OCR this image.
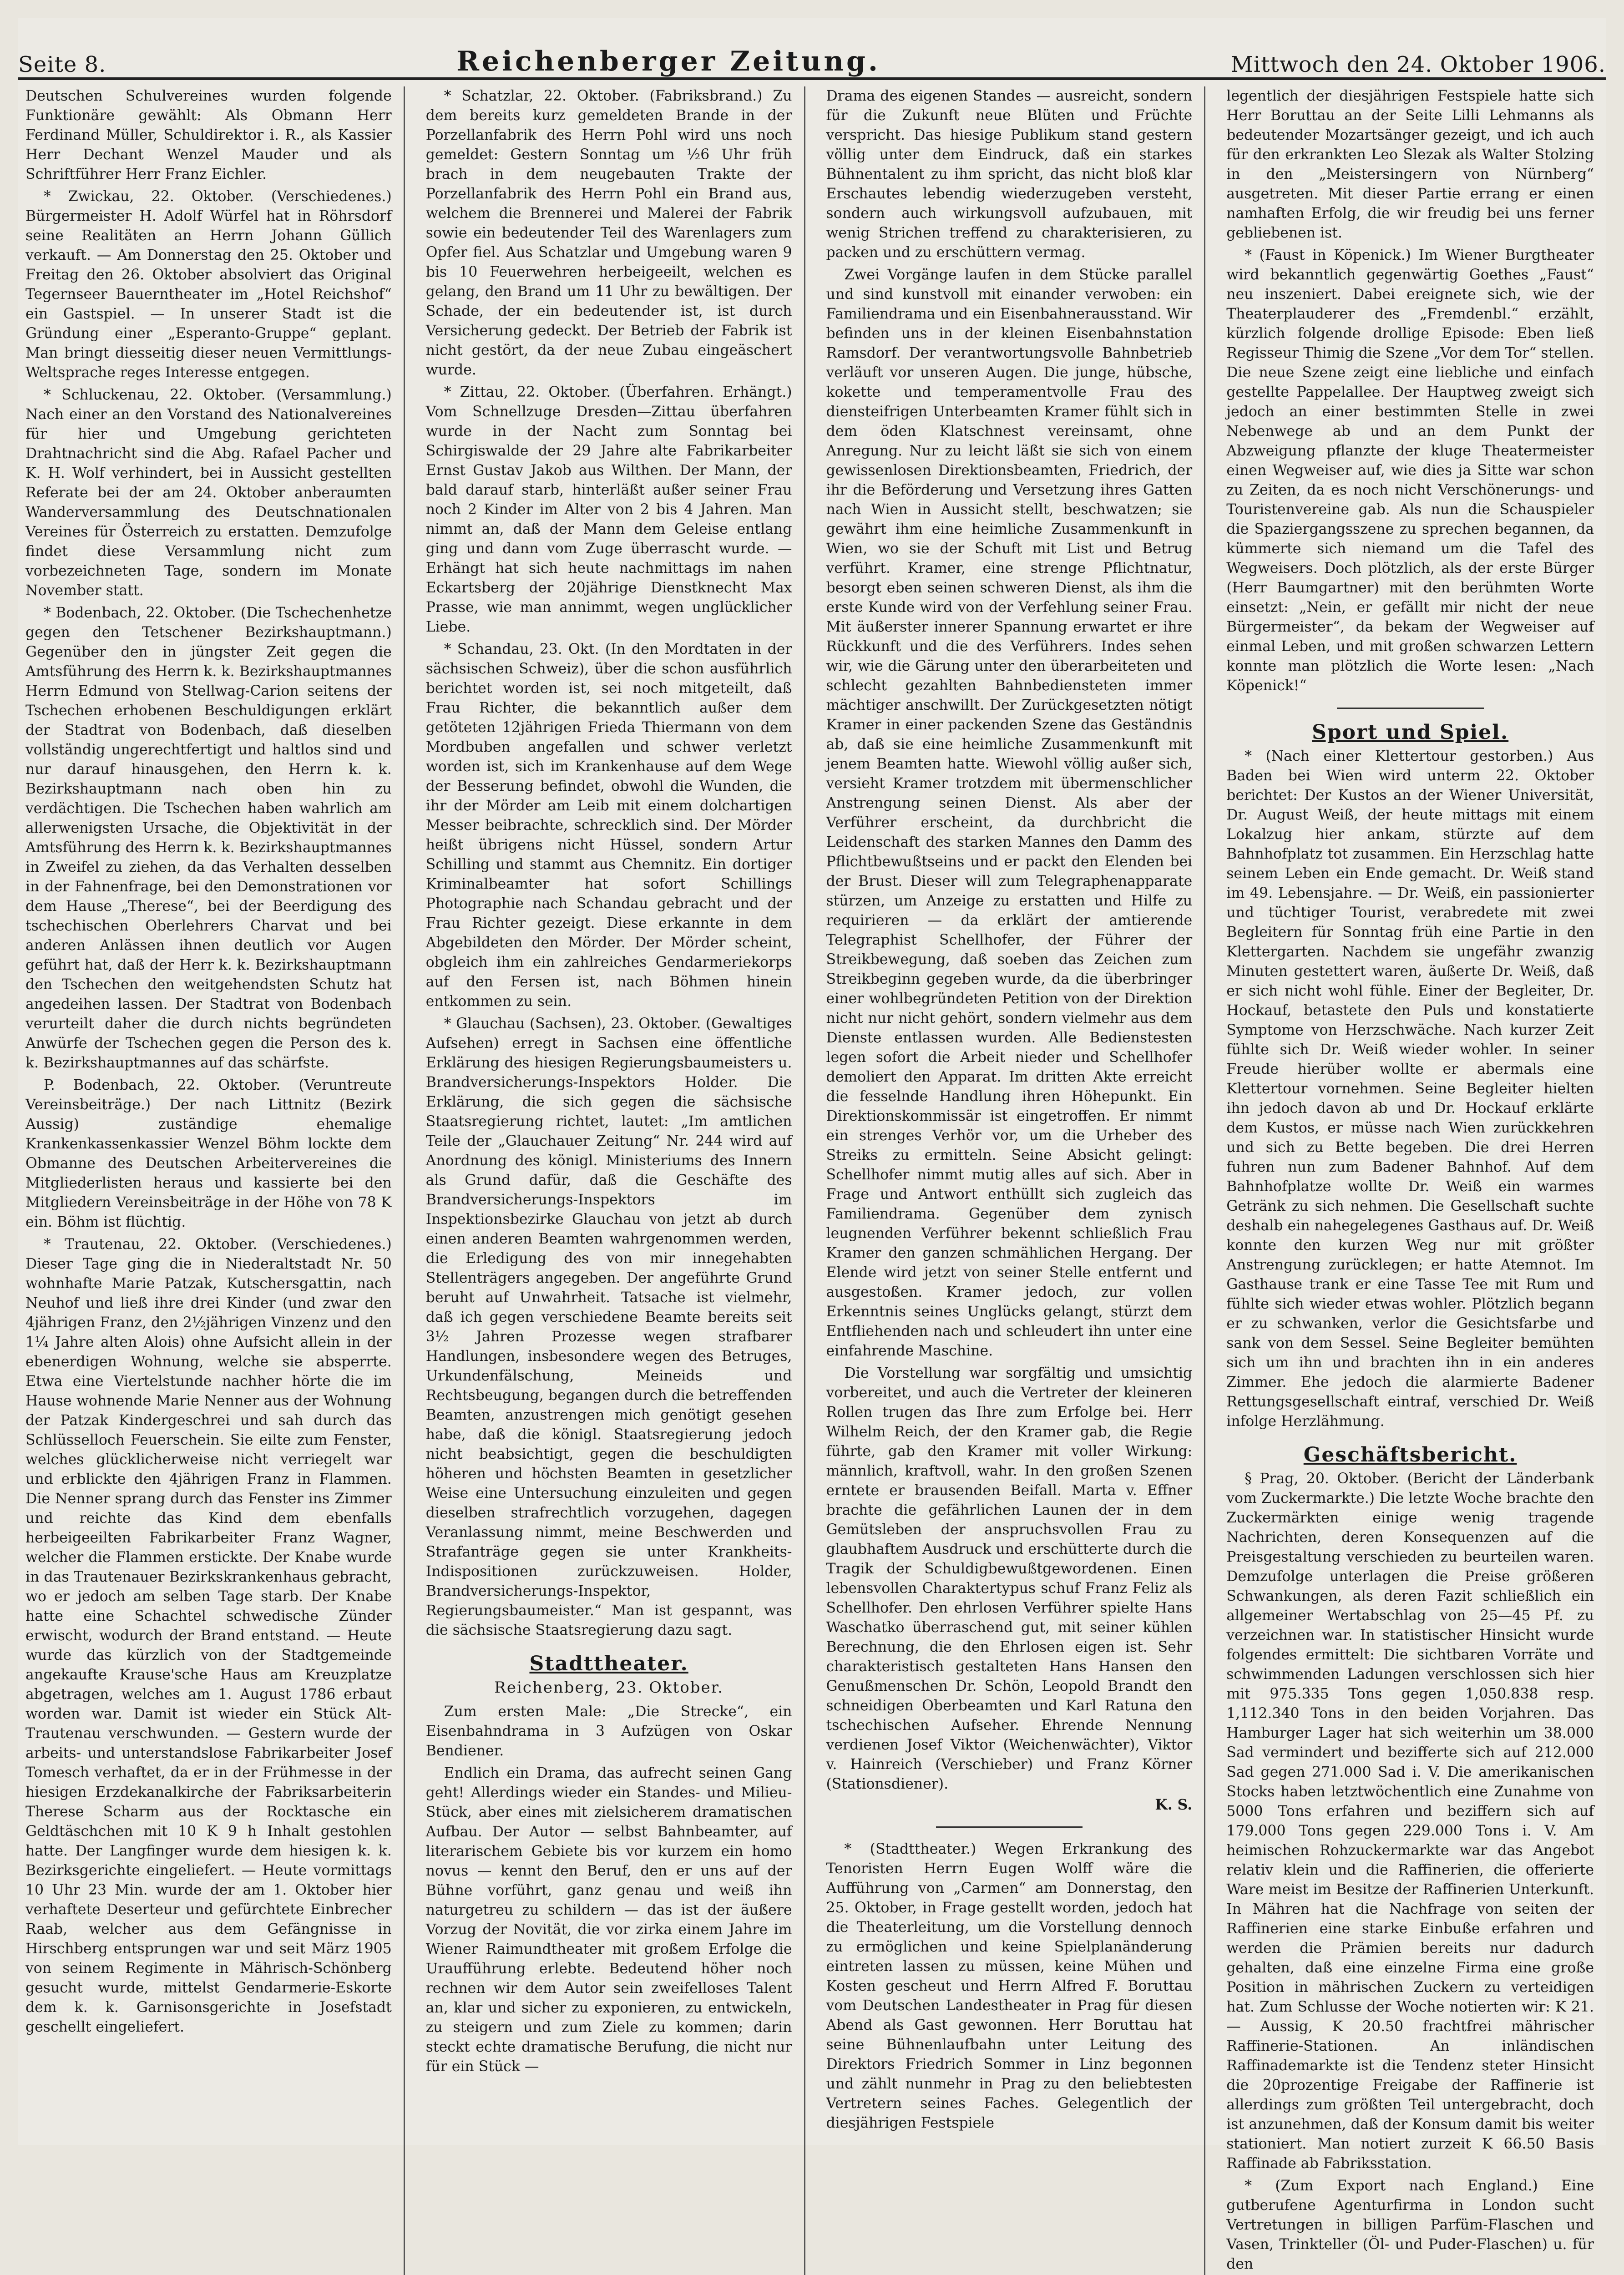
Seite 8.	Reichenberger Zeitung.	Mittwoch den 24. Oktober 1906.

Deutschen Schulvereines wurden folgende Funktionäre gewählt: Als Obmann Herr Ferdinand Müller, Schuldirektor i. R., als Kassier Herr Dechant Wenzel Mauder und als Schriftführer Herr Franz Eichler.

* Zwickau, 22. Oktober. (Verschiedenes.) Bürgermeister H. Adolf Würfel hat in Röhrsdorf seine Realitäten an Herrn Johann Güllich verkauft. — Am Donnerstag den 25. Oktober und Freitag den 26. Oktober absolviert das Original Tegernseer Bauerntheater im „Hotel Reichshof“ ein Gastspiel. — In unserer Stadt ist die Gründung einer „Esperanto-Gruppe“ geplant. Man bringt diesseitig dieser neuen Vermittlungs-Weltsprache reges Interesse entgegen.

* Schluckenau, 22. Oktober. (Versammlung.) Nach einer an den Vorstand des Nationalvereines für hier und Umgebung gerichteten Drahtnachricht sind die Abg. Rafael Pacher und K. H. Wolf verhindert, bei in Aussicht gestellten Referate bei der am 24. Oktober anberaumten Wanderversammlung des Deutschnationalen Vereines für Österreich zu erstatten. Demzufolge findet diese Versammlung nicht zum vorbezeichneten Tage, sondern im Monate November statt.

* Bodenbach, 22. Oktober. (Die Tschechenhetze gegen den Tetschener Bezirkshauptmann.) Gegenüber den in jüngster Zeit gegen die Amtsführung des Herrn k. k. Bezirkshauptmannes Herrn Edmund von Stellwag-Carion seitens der Tschechen erhobenen Beschuldigungen erklärt der Stadtrat von Bodenbach, daß dieselben vollständig ungerechtfertigt und haltlos sind und nur darauf hinausgehen, den Herrn k. k. Bezirkshauptmann nach oben hin zu verdächtigen. Die Tschechen haben wahrlich am allerwenigsten Ursache, die Objektivität in der Amtsführung des Herrn k. k. Bezirkshauptmannes in Zweifel zu ziehen, da das Verhalten desselben in der Fahnenfrage, bei den Demonstrationen vor dem Hause „Therese“, bei der Beerdigung des tschechischen Oberlehrers Charvat und bei anderen Anlässen ihnen deutlich vor Augen geführt hat, daß der Herr k. k. Bezirkshauptmann den Tschechen den weitgehendsten Schutz hat angedeihen lassen. Der Stadtrat von Bodenbach verurteilt daher die durch nichts begründeten Anwürfe der Tschechen gegen die Person des k. k. Bezirkshauptmannes auf das schärfste.

P. Bodenbach, 22. Oktober. (Veruntreute Vereinsbeiträge.) Der nach Littnitz (Bezirk Aussig) zuständige ehemalige Krankenkassenkassier Wenzel Böhm lockte dem Obmanne des Deutschen Arbeitervereines die Mitgliederlisten heraus und kassierte bei den Mitgliedern Vereinsbeiträge in der Höhe von 78 K ein. Böhm ist flüchtig.

* Trautenau, 22. Oktober. (Verschiedenes.) Dieser Tage ging die in Niederaltstadt Nr. 50 wohnhafte Marie Patzak, Kutschersgattin, nach Neuhof und ließ ihre drei Kinder (und zwar den 4jährigen Franz, den 2½jährigen Vinzenz und den 1¼ Jahre alten Alois) ohne Aufsicht allein in der ebenerdigen Wohnung, welche sie absperrte. Etwa eine Viertelstunde nachher hörte die im Hause wohnende Marie Nenner aus der Wohnung der Patzak Kindergeschrei und sah durch das Schlüsselloch Feuerschein. Sie eilte zum Fenster, welches glücklicherweise nicht verriegelt war und erblickte den 4jährigen Franz in Flammen. Die Nenner sprang durch das Fenster ins Zimmer und reichte das Kind dem ebenfalls herbeigeeilten Fabrikarbeiter Franz Wagner, welcher die Flammen erstickte. Der Knabe wurde in das Trautenauer Bezirkskrankenhaus gebracht, wo er jedoch am selben Tage starb. Der Knabe hatte eine Schachtel schwedische Zünder erwischt, wodurch der Brand entstand. — Heute wurde das kürzlich von der Stadtgemeinde angekaufte Krause'sche Haus am Kreuzplatze abgetragen, welches am 1. August 1786 erbaut worden war. Damit ist wieder ein Stück Alt-Trautenau verschwunden. — Gestern wurde der arbeits- und unterstandslose Fabrikarbeiter Josef Tomesch verhaftet, da er in der Frühmesse in der hiesigen Erzdekanalkirche der Fabriksarbeiterin Therese Scharm aus der Rocktasche ein Geldtäschchen mit 10 K 9 h Inhalt gestohlen hatte. Der Langfinger wurde dem hiesigen k. k. Bezirksgerichte eingeliefert. — Heute vormittags 10 Uhr 23 Min. wurde der am 1. Oktober hier verhaftete Deserteur und gefürchtete Einbrecher Raab, welcher aus dem Gefängnisse in Hirschberg entsprungen war und seit März 1905 von seinem Regimente in Mährisch-Schönberg gesucht wurde, mittelst Gendarmerie-Eskorte dem k. k. Garnisonsgerichte in Josefstadt geschellt eingeliefert.

* Schatzlar, 22. Oktober. (Fabriksbrand.) Zu dem bereits kurz gemeldeten Brande in der Porzellanfabrik des Herrn Pohl wird uns noch gemeldet: Gestern Sonntag um ½6 Uhr früh brach in dem neugebauten Trakte der Porzellanfabrik des Herrn Pohl ein Brand aus, welchem die Brennerei und Malerei der Fabrik sowie ein bedeutender Teil des Warenlagers zum Opfer fiel. Aus Schatzlar und Umgebung waren 9 bis 10 Feuerwehren herbeigeeilt, welchen es gelang, den Brand um 11 Uhr zu bewältigen. Der Schade, der ein bedeutender ist, ist durch Versicherung gedeckt. Der Betrieb der Fabrik ist nicht gestört, da der neue Zubau eingeäschert wurde.

* Zittau, 22. Oktober. (Überfahren. Erhängt.) Vom Schnellzuge Dresden—Zittau überfahren wurde in der Nacht zum Sonntag bei Schirgiswalde der 29 Jahre alte Fabrikarbeiter Ernst Gustav Jakob aus Wilthen. Der Mann, der bald darauf starb, hinterläßt außer seiner Frau noch 2 Kinder im Alter von 2 bis 4 Jahren. Man nimmt an, daß der Mann dem Geleise entlang ging und dann vom Zuge überrascht wurde. — Erhängt hat sich heute nachmittags im nahen Eckartsberg der 20jährige Dienstknecht Max Prasse, wie man annimmt, wegen unglücklicher Liebe.

* Schandau, 23. Okt. (In den Mordtaten in der sächsischen Schweiz), über die schon ausführlich berichtet worden ist, sei noch mitgeteilt, daß Frau Richter, die bekanntlich außer dem getöteten 12jährigen Frieda Thiermann von dem Mordbuben angefallen und schwer verletzt worden ist, sich im Krankenhause auf dem Wege der Besserung befindet, obwohl die Wunden, die ihr der Mörder am Leib mit einem dolchartigen Messer beibrachte, schrecklich sind. Der Mörder heißt übrigens nicht Hüssel, sondern Artur Schilling und stammt aus Chemnitz. Ein dortiger Kriminalbeamter hat sofort Schillings Photographie nach Schandau gebracht und der Frau Richter gezeigt. Diese erkannte in dem Abgebildeten den Mörder. Der Mörder scheint, obgleich ihm ein zahlreiches Gendarmeriekorps auf den Fersen ist, nach Böhmen hinein entkommen zu sein.

* Glauchau (Sachsen), 23. Oktober. (Gewaltiges Aufsehen) erregt in Sachsen eine öffentliche Erklärung des hiesigen Regierungsbaumeisters u. Brandversicherungs-Inspektors Holder. Die Erklärung, die sich gegen die sächsische Staatsregierung richtet, lautet: „Im amtlichen Teile der „Glauchauer Zeitung“ Nr. 244 wird auf Anordnung des königl. Ministeriums des Innern als Grund dafür, daß die Geschäfte des Brandversicherungs-Inspektors im Inspektionsbezirke Glauchau von jetzt ab durch einen anderen Beamten wahrgenommen werden, die Erledigung des von mir innegehabten Stellenträgers angegeben. Der angeführte Grund beruht auf Unwahrheit. Tatsache ist vielmehr, daß ich gegen verschiedene Beamte bereits seit 3½ Jahren Prozesse wegen strafbarer Handlungen, insbesondere wegen des Betruges, Urkundenfälschung, Meineids und Rechtsbeugung, begangen durch die betreffenden Beamten, anzustrengen mich genötigt gesehen habe, daß die königl. Staatsregierung jedoch nicht beabsichtigt, gegen die beschuldigten höheren und höchsten Beamten in gesetzlicher Weise eine Untersuchung einzuleiten und gegen dieselben strafrechtlich vorzugehen, dagegen Veranlassung nimmt, meine Beschwerden und Strafanträge gegen sie unter Krankheits-Indispositionen zurückzuweisen. Holder, Brandversicherungs-Inspektor, Regierungsbaumeister.“ Man ist gespannt, was die sächsische Staatsregierung dazu sagt.

Stadttheater.
Reichenberg, 23. Oktober.

Zum ersten Male: „Die Strecke“, ein Eisenbahndrama in 3 Aufzügen von Oskar Bendiener.

Endlich ein Drama, das aufrecht seinen Gang geht! Allerdings wieder ein Standes- und Milieu-Stück, aber eines mit zielsicherem dramatischen Aufbau. Der Autor — selbst Bahnbeamter, auf literarischem Gebiete bis vor kurzem ein homo novus — kennt den Beruf, den er uns auf der Bühne vorführt, ganz genau und weiß ihn naturgetreu zu schildern — das ist der äußere Vorzug der Novität, die vor zirka einem Jahre im Wiener Raimundtheater mit großem Erfolge die Uraufführung erlebte. Bedeutend höher noch rechnen wir dem Autor sein zweifelloses Talent an, klar und sicher zu exponieren, zu entwickeln, zu steigern und zum Ziele zu kommen; darin steckt echte dramatische Berufung, die nicht nur für ein Stück —

Drama des eigenen Standes — ausreicht, sondern für die Zukunft neue Blüten und Früchte verspricht. Das hiesige Publikum stand gestern völlig unter dem Eindruck, daß ein starkes Bühnentalent zu ihm spricht, das nicht bloß klar Erschautes lebendig wiederzugeben versteht, sondern auch wirkungsvoll aufzubauen, mit wenig Strichen treffend zu charakterisieren, zu packen und zu erschüttern vermag.

Zwei Vorgänge laufen in dem Stücke parallel und sind kunstvoll mit einander verwoben: ein Familiendrama und ein Eisenbahnerausstand. Wir befinden uns in der kleinen Eisenbahnstation Ramsdorf. Der verantwortungsvolle Bahnbetrieb verläuft vor unseren Augen. Die junge, hübsche, kokette und temperamentvolle Frau des diensteifrigen Unterbeamten Kramer fühlt sich in dem öden Klatschnest vereinsamt, ohne Anregung. Nur zu leicht läßt sie sich von einem gewissenlosen Direktionsbeamten, Friedrich, der ihr die Beförderung und Versetzung ihres Gatten nach Wien in Aussicht stellt, beschwatzen; sie gewährt ihm eine heimliche Zusammenkunft in Wien, wo sie der Schuft mit List und Betrug verführt. Kramer, eine strenge Pflichtnatur, besorgt eben seinen schweren Dienst, als ihm die erste Kunde wird von der Verfehlung seiner Frau. Mit äußerster innerer Spannung erwartet er ihre Rückkunft und die des Verführers. Indes sehen wir, wie die Gärung unter den überarbeiteten und schlecht gezahlten Bahnbediensteten immer mächtiger anschwillt. Der Zurückgesetzten nötigt Kramer in einer packenden Szene das Geständnis ab, daß sie eine heimliche Zusammenkunft mit jenem Beamten hatte. Wiewohl völlig außer sich, versieht Kramer trotzdem mit übermenschlicher Anstrengung seinen Dienst. Als aber der Verführer erscheint, da durchbricht die Leidenschaft des starken Mannes den Damm des Pflichtbewußtseins und er packt den Elenden bei der Brust. Dieser will zum Telegraphenapparate stürzen, um Anzeige zu erstatten und Hilfe zu requirieren — da erklärt der amtierende Telegraphist Schellhofer, der Führer der Streikbewegung, daß soeben das Zeichen zum Streikbeginn gegeben wurde, da die überbringer einer wohlbegründeten Petition von der Direktion nicht nur nicht gehört, sondern vielmehr aus dem Dienste entlassen wurden. Alle Bedienstesten legen sofort die Arbeit nieder und Schellhofer demoliert den Apparat. Im dritten Akte erreicht die fesselnde Handlung ihren Höhepunkt. Ein Direktionskommissär ist eingetroffen. Er nimmt ein strenges Verhör vor, um die Urheber des Streiks zu ermitteln. Seine Absicht gelingt: Schellhofer nimmt mutig alles auf sich. Aber in Frage und Antwort enthüllt sich zugleich das Familiendrama. Gegenüber dem zynisch leugnenden Verführer bekennt schließlich Frau Kramer den ganzen schmählichen Hergang. Der Elende wird jetzt von seiner Stelle entfernt und ausgestoßen. Kramer jedoch, zur vollen Erkenntnis seines Unglücks gelangt, stürzt dem Entfliehenden nach und schleudert ihn unter eine einfahrende Maschine.

Die Vorstellung war sorgfältig und umsichtig vorbereitet, und auch die Vertreter der kleineren Rollen trugen das Ihre zum Erfolge bei. Herr Wilhelm Reich, der den Kramer gab, die Regie führte, gab den Kramer mit voller Wirkung: männlich, kraftvoll, wahr. In den großen Szenen erntete er brausenden Beifall. Marta v. Effner brachte die gefährlichen Launen der in dem Gemütsleben der anspruchsvollen Frau zu glaubhaftem Ausdruck und erschütterte durch die Tragik der Schuldigbewußtgewordenen. Einen lebensvollen Charaktertypus schuf Franz Feliz als Schellhofer. Den ehrlosen Verführer spielte Hans Waschatko überraschend gut, mit seiner kühlen Berechnung, die den Ehrlosen eigen ist. Sehr charakteristisch gestalteten Hans Hansen den Genußmenschen Dr. Schön, Leopold Brandt den schneidigen Oberbeamten und Karl Ratuna den tschechischen Aufseher. Ehrende Nennung verdienen Josef Viktor (Weichenwächter), Viktor v. Hainreich (Verschieber) und Franz Körner (Stationsdiener).

K. S.

* (Stadttheater.) Wegen Erkrankung des Tenoristen Herrn Eugen Wolff wäre die Aufführung von „Carmen“ am Donnerstag, den 25. Oktober, in Frage gestellt worden, jedoch hat die Theaterleitung, um die Vorstellung dennoch zu ermöglichen und keine Spielplanänderung eintreten lassen zu müssen, keine Mühen und Kosten gescheut und Herrn Alfred F. Boruttau vom Deutschen Landestheater in Prag für diesen Abend als Gast gewonnen. Herr Boruttau hat seine Bühnenlaufbahn unter Leitung des Direktors Friedrich Sommer in Linz begonnen und zählt nunmehr in Prag zu den beliebtesten Vertretern seines Faches. Gelegentlich der diesjährigen Festspiele

legentlich der diesjährigen Festspiele hatte sich Herr Boruttau an der Seite Lilli Lehmanns als bedeutender Mozartsänger gezeigt, und ich auch für den erkrankten Leo Slezak als Walter Stolzing in den „Meistersingern von Nürnberg“ ausgetreten. Mit dieser Partie errang er einen namhaften Erfolg, die wir freudig bei uns ferner gebliebenen ist.

* (Faust in Köpenick.) Im Wiener Burgtheater wird bekanntlich gegenwärtig Goethes „Faust“ neu inszeniert. Dabei ereignete sich, wie der Theaterplauderer des „Fremdenbl.“ erzählt, kürzlich folgende drollige Episode: Eben ließ Regisseur Thimig die Szene „Vor dem Tor“ stellen. Die neue Szene zeigt eine liebliche und einfach gestellte Pappelallee. Der Hauptweg zweigt sich jedoch an einer bestimmten Stelle in zwei Nebenwege ab und an dem Punkt der Abzweigung pflanzte der kluge Theatermeister einen Wegweiser auf, wie dies ja Sitte war schon zu Zeiten, da es noch nicht Verschönerungs- und Touristenvereine gab. Als nun die Schauspieler die Spaziergangsszene zu sprechen begannen, da kümmerte sich niemand um die Tafel des Wegweisers. Doch plötzlich, als der erste Bürger (Herr Baumgartner) mit den berühmten Worte einsetzt: „Nein, er gefällt mir nicht der neue Bürgermeister“, da bekam der Wegweiser auf einmal Leben, und mit großen schwarzen Lettern konnte man plötzlich die Worte lesen: „Nach Köpenick!“

Sport und Spiel.

* (Nach einer Klettertour gestorben.) Aus Baden bei Wien wird unterm 22. Oktober berichtet: Der Kustos an der Wiener Universität, Dr. August Weiß, der heute mittags mit einem Lokalzug hier ankam, stürzte auf dem Bahnhofplatz tot zusammen. Ein Herzschlag hatte seinem Leben ein Ende gemacht. Dr. Weiß stand im 49. Lebensjahre. — Dr. Weiß, ein passionierter und tüchtiger Tourist, verabredete mit zwei Begleitern für Sonntag früh eine Partie in den Klettergarten. Nachdem sie ungefähr zwanzig Minuten gestettert waren, äußerte Dr. Weiß, daß er sich nicht wohl fühle. Einer der Begleiter, Dr. Hockauf, betastete den Puls und konstatierte Symptome von Herzschwäche. Nach kurzer Zeit fühlte sich Dr. Weiß wieder wohler. In seiner Freude hierüber wollte er abermals eine Klettertour vornehmen. Seine Begleiter hielten ihn jedoch davon ab und Dr. Hockauf erklärte dem Kustos, er müsse nach Wien zurückkehren und sich zu Bette begeben. Die drei Herren fuhren nun zum Badener Bahnhof. Auf dem Bahnhofplatze wollte Dr. Weiß ein warmes Getränk zu sich nehmen. Die Gesellschaft suchte deshalb ein nahegelegenes Gasthaus auf. Dr. Weiß konnte den kurzen Weg nur mit größter Anstrengung zurücklegen; er hatte Atemnot. Im Gasthause trank er eine Tasse Tee mit Rum und fühlte sich wieder etwas wohler. Plötzlich begann er zu schwanken, verlor die Gesichtsfarbe und sank von dem Sessel. Seine Begleiter bemühten sich um ihn und brachten ihn in ein anderes Zimmer. Ehe jedoch die alarmierte Badener Rettungsgesellschaft eintraf, verschied Dr. Weiß infolge Herzlähmung.

Geschäftsbericht.

§ Prag, 20. Oktober. (Bericht der Länderbank vom Zuckermarkte.) Die letzte Woche brachte den Zuckermärkten einige wenig tragende Nachrichten, deren Konsequenzen auf die Preisgestaltung verschieden zu beurteilen waren. Demzufolge unterlagen die Preise größeren Schwankungen, als deren Fazit schließlich ein allgemeiner Wertabschlag von 25—45 Pf. zu verzeichnen war. In statistischer Hinsicht wurde folgendes ermittelt: Die sichtbaren Vorräte und schwimmenden Ladungen verschlossen sich hier mit 975.335 Tons gegen 1,050.838 resp. 1,112.340 Tons in den beiden Vorjahren. Das Hamburger Lager hat sich weiterhin um 38.000 Sad vermindert und bezifferte sich auf 212.000 Sad gegen 271.000 Sad i. V. Die amerikanischen Stocks haben letztwöchentlich eine Zunahme von 5000 Tons erfahren und beziffern sich auf 179.000 Tons gegen 229.000 Tons i. V. Am heimischen Rohzuckermarkte war das Angebot relativ klein und die Raffinerien, die offerierte Ware meist im Besitze der Raffinerien Unterkunft. In Mähren hat die Nachfrage von seiten der Raffinerien eine starke Einbuße erfahren und werden die Prämien bereits nur dadurch gehalten, daß eine einzelne Firma eine große Position in mährischen Zuckern zu verteidigen hat. Zum Schlusse der Woche notierten wir: K 21.— Aussig, K 20.50 frachtfrei mährischer Raffinerie-Stationen. An inländischen Raffinademarkte ist die Tendenz steter Hinsicht die 20prozentige Freigabe der Raffinerie ist allerdings zum größten Teil untergebracht, doch ist anzunehmen, daß der Konsum damit bis weiter stationiert. Man notiert zurzeit K 66.50 Basis Raffinade ab Fabriksstation.

* (Zum Export nach England.) Eine gutberufene Agenturfirma in London sucht Vertretungen in billigen Parfüm-Flaschen und Vasen, Trinkteller (Öl- und Puder-Flaschen) u. für den
